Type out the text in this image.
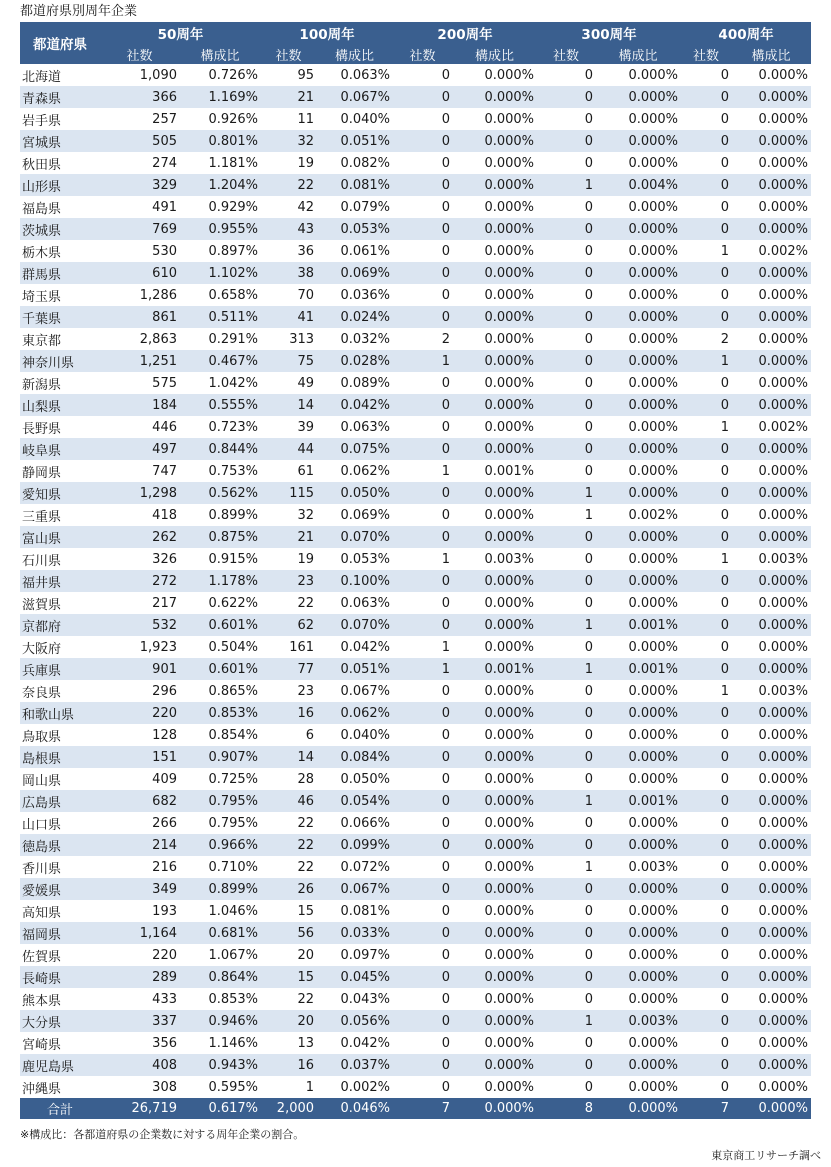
都道府県別周年企業
都道府県	50周年		100周年		200周年		300周年		400周年	
	社数	構成比	社数	構成比	社数	構成比	社数	構成比	社数	構成比
北海道	1,090	0.726%	95	0.063%	0	0.000%	0	0.000%	0	0.000%
青森県	366	1.169%	21	0.067%	0	0.000%	0	0.000%	0	0.000%
岩手県	257	0.926%	11	0.040%	0	0.000%	0	0.000%	0	0.000%
宮城県	505	0.801%	32	0.051%	0	0.000%	0	0.000%	0	0.000%
秋田県	274	1.181%	19	0.082%	0	0.000%	0	0.000%	0	0.000%
山形県	329	1.204%	22	0.081%	0	0.000%	1	0.004%	0	0.000%
福島県	491	0.929%	42	0.079%	0	0.000%	0	0.000%	0	0.000%
茨城県	769	0.955%	43	0.053%	0	0.000%	0	0.000%	0	0.000%
栃木県	530	0.897%	36	0.061%	0	0.000%	0	0.000%	1	0.002%
群馬県	610	1.102%	38	0.069%	0	0.000%	0	0.000%	0	0.000%
埼玉県	1,286	0.658%	70	0.036%	0	0.000%	0	0.000%	0	0.000%
千葉県	861	0.511%	41	0.024%	0	0.000%	0	0.000%	0	0.000%
東京都	2,863	0.291%	313	0.032%	2	0.000%	0	0.000%	2	0.000%
神奈川県	1,251	0.467%	75	0.028%	1	0.000%	0	0.000%	1	0.000%
新潟県	575	1.042%	49	0.089%	0	0.000%	0	0.000%	0	0.000%
山梨県	184	0.555%	14	0.042%	0	0.000%	0	0.000%	0	0.000%
長野県	446	0.723%	39	0.063%	0	0.000%	0	0.000%	1	0.002%
岐阜県	497	0.844%	44	0.075%	0	0.000%	0	0.000%	0	0.000%
静岡県	747	0.753%	61	0.062%	1	0.001%	0	0.000%	0	0.000%
愛知県	1,298	0.562%	115	0.050%	0	0.000%	1	0.000%	0	0.000%
三重県	418	0.899%	32	0.069%	0	0.000%	1	0.002%	0	0.000%
富山県	262	0.875%	21	0.070%	0	0.000%	0	0.000%	0	0.000%
石川県	326	0.915%	19	0.053%	1	0.003%	0	0.000%	1	0.003%
福井県	272	1.178%	23	0.100%	0	0.000%	0	0.000%	0	0.000%
滋賀県	217	0.622%	22	0.063%	0	0.000%	0	0.000%	0	0.000%
京都府	532	0.601%	62	0.070%	0	0.000%	1	0.001%	0	0.000%
大阪府	1,923	0.504%	161	0.042%	1	0.000%	0	0.000%	0	0.000%
兵庫県	901	0.601%	77	0.051%	1	0.001%	1	0.001%	0	0.000%
奈良県	296	0.865%	23	0.067%	0	0.000%	0	0.000%	1	0.003%
和歌山県	220	0.853%	16	0.062%	0	0.000%	0	0.000%	0	0.000%
鳥取県	128	0.854%	6	0.040%	0	0.000%	0	0.000%	0	0.000%
島根県	151	0.907%	14	0.084%	0	0.000%	0	0.000%	0	0.000%
岡山県	409	0.725%	28	0.050%	0	0.000%	0	0.000%	0	0.000%
広島県	682	0.795%	46	0.054%	0	0.000%	1	0.001%	0	0.000%
山口県	266	0.795%	22	0.066%	0	0.000%	0	0.000%	0	0.000%
徳島県	214	0.966%	22	0.099%	0	0.000%	0	0.000%	0	0.000%
香川県	216	0.710%	22	0.072%	0	0.000%	1	0.003%	0	0.000%
愛媛県	349	0.899%	26	0.067%	0	0.000%	0	0.000%	0	0.000%
高知県	193	1.046%	15	0.081%	0	0.000%	0	0.000%	0	0.000%
福岡県	1,164	0.681%	56	0.033%	0	0.000%	0	0.000%	0	0.000%
佐賀県	220	1.067%	20	0.097%	0	0.000%	0	0.000%	0	0.000%
長崎県	289	0.864%	15	0.045%	0	0.000%	0	0.000%	0	0.000%
熊本県	433	0.853%	22	0.043%	0	0.000%	0	0.000%	0	0.000%
大分県	337	0.946%	20	0.056%	0	0.000%	1	0.003%	0	0.000%
宮崎県	356	1.146%	13	0.042%	0	0.000%	0	0.000%	0	0.000%
鹿児島県	408	0.943%	16	0.037%	0	0.000%	0	0.000%	0	0.000%
沖縄県	308	0.595%	1	0.002%	0	0.000%	0	0.000%	0	0.000%
合計	26,719	0.617%	2,000	0.046%	7	0.000%	8	0.000%	7	0.000%
※構成比：各都道府県の企業数に対する周年企業の割合。
東京商工リサーチ調べ
